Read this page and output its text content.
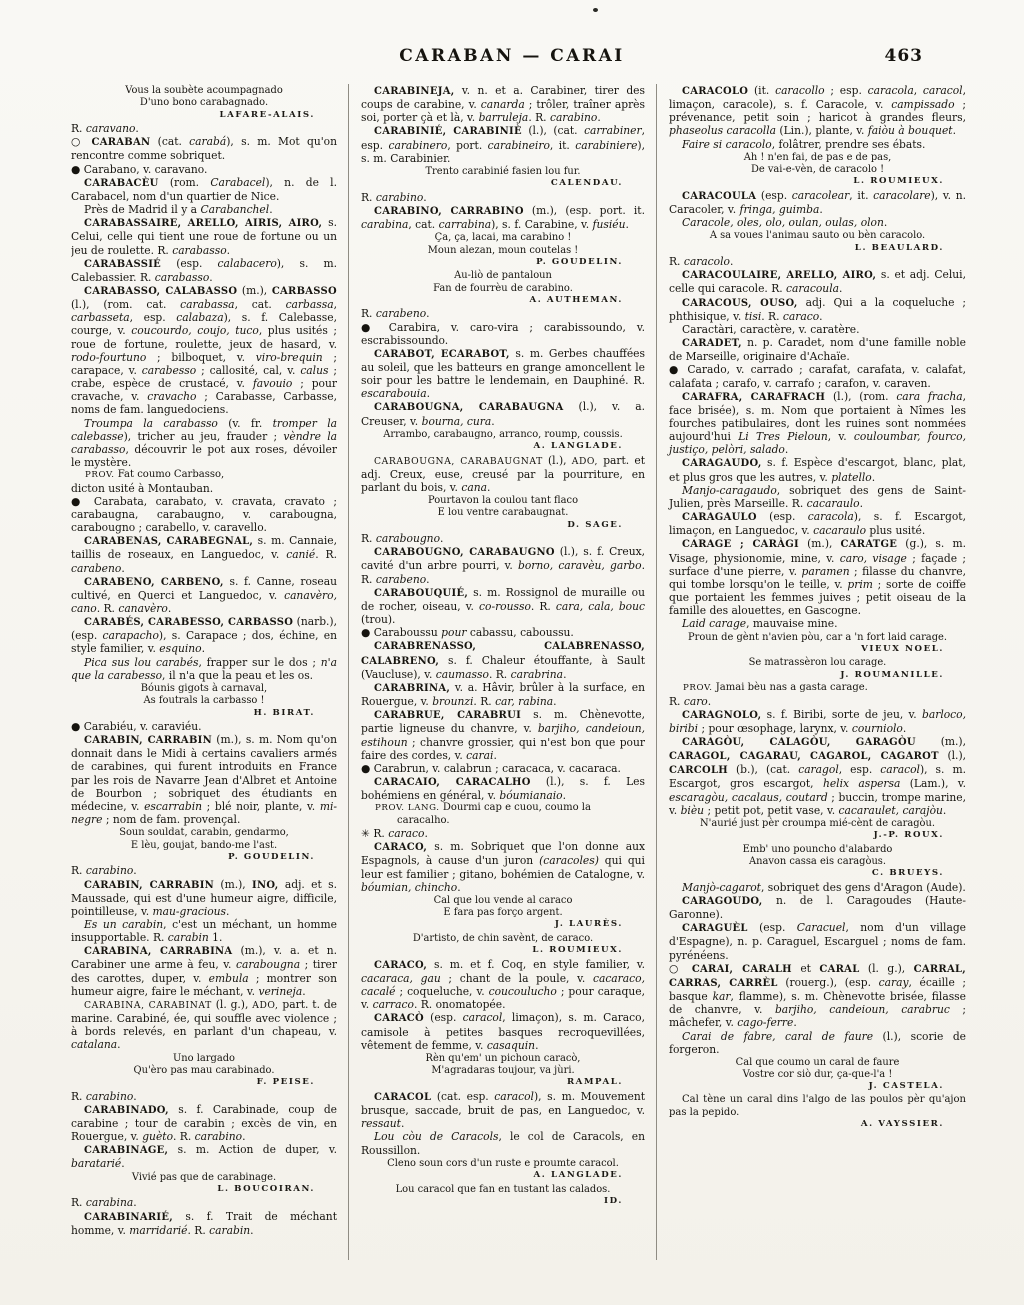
CARABAN — CARAI	463

Vous la soubète acoumpagnado
D'uno bono carabagnado.

LAFARE-ALAIS.

R. caravano.

○ CARABAN (cat. carabá), s. m. Mot qu'on rencontre comme sobriquet.

● Carabano, v. caravano.

CARABACÈU (rom. Carabacel), n. de l. Carabacel, nom d'un quartier de Nice.

Près de Madrid il y a Carabanchel.

CARABASSAIRE, ARELLO, AIRIS, AIRO, s. Celui, celle qui tient une roue de fortune ou un jeu de roulette. R. carabasso.

CARABASSIÉ (esp. calabacero), s. m. Calebassier. R. carabasso.

CARABASSO, CALABASSO (m.), CARBASSO (l.), (rom. cat. carabassa, cat. carbassa, carbasseta, esp. calabaza), s. f. Calebasse, courge, v. coucourdo, coujo, tuco, plus usités ; roue de fortune, roulette, jeux de hasard, v. rodo-fourtuno ; bilboquet, v. viro-brequin ; carapace, v. carabesso ; callosité, cal, v. calus ; crabe, espèce de crustacé, v. favouio ; pour cravache, v. cravacho ; Carabasse, Carbasse, noms de fam. languedociens.

Troumpa la carabasso (v. fr. tromper la calebasse), tricher au jeu, frauder ; vèndre la carabasso, découvrir le pot aux roses, dévoiler le mystère.

PROV. Fat coumo Carbasso,

dicton usité à Montauban.

● Carabata, carabato, v. cravata, cravato ; carabaugna, carabaugno, v. carabougna, carabougno ; carabello, v. caravello.

CARABENAS, CARABEGNAL, s. m. Cannaie, taillis de roseaux, en Languedoc, v. canié. R. carabeno.

CARABENO, CARBENO, s. f. Canne, roseau cultivé, en Querci et Languedoc, v. canavèro, cano. R. canavèro.

CARABÉS, CARABESSO, CARBASSO (narb.), (esp. carapacho), s. Carapace ; dos, échine, en style familier, v. esquino.

Pica sus lou carabés, frapper sur le dos ; n'a que la carabesso, il n'a que la peau et les os.

Bóunis gigots à carnaval,
As foutrals la carbasso !

H. BIRAT.

● Carabiéu, v. caraviéu.

CARABIN, CARRABIN (m.), s. m. Nom qu'on donnait dans le Midi à certains cavaliers armés de carabines, qui furent introduits en France par les rois de Navarre Jean d'Albret et Antoine de Bourbon ; sobriquet des étudiants en médecine, v. escarrabin ; blé noir, plante, v. mi-negre ; nom de fam. provençal.

Soun souldat, carabin, gendarmo,
E lèu, goujat, bando-me l'ast.

P. GOUDELIN.

R. carabino.

CARABIN, CARRABIN (m.), INO, adj. et s. Maussade, qui est d'une humeur aigre, difficile, pointilleuse, v. mau-gracious.

Es un carabin, c'est un méchant, un homme insupportable. R. carabin 1.

CARABINA, CARRABINA (m.), v. a. et n. Carabiner une arme à feu, v. carabougna ; tirer des carottes, duper, v. embula ; montrer son humeur aigre, faire le méchant, v. verineja.

CARABINA, CARABINAT (l. g.), ADO, part. t. de marine. Carabiné, ée, qui souffle avec violence ; à bords relevés, en parlant d'un chapeau, v. catalana.

Uno largado
Qu'èro pas mau carabinado.

F. PEISE.

R. carabino.

CARABINADO, s. f. Carabinade, coup de carabine ; tour de carabin ; excès de vin, en Rouergue, v. guèto. R. carabino.

CARABINAGE, s. m. Action de duper, v. baratarié.

Vivié pas que de carabinage.

L. BOUCOIRAN.

R. carabina.

CARABINARIÉ, s. f. Trait de méchant homme, v. marridarié. R. carabin.

CARABINEJA, v. n. et a. Carabiner, tirer des coups de carabine, v. canarda ; trôler, traîner après soi, porter çà et là, v. barruleja. R. carabino.

CARABINIÉ, CARABINIÈ (l.), (cat. carrabiner, esp. carabinero, port. carabineiro, it. carabiniere), s. m. Carabinier.

Trento carabinié fasien lou fur.

CALENDAU.

R. carabino.

CARABINO, CARRABINO (m.), (esp. port. it. carabina, cat. carrabina), s. f. Carabine, v. fusiéu.

Ça, ça, lacai, ma carabino !
Moun alezan, moun coutelas !

P. GOUDELIN.

Au-liò de pantaloun
Fan de fourrèu de carabino.

A. AUTHEMAN.

R. carabeno.

● Carabira, v. caro-vira ; carabissoundo, v. escrabissoundo.

CARABOT, ECARABOT, s. m. Gerbes chauffées au soleil, que les batteurs en grange amoncellent le soir pour les battre le lendemain, en Dauphiné. R. escarabouia.

CARABOUGNA, CARABAUGNA (l.), v. a. Creuser, v. bourna, cura.

Arrambo, carabaugno, arranco, roump, coussis.

A. LANGLADE.

CARABOUGNA, CARABAUGNAT (l.), ADO, part. et adj. Creux, euse, creusé par la pourriture, en parlant du bois, v. cana.

Pourtavon la coulou tant flaco
E lou ventre carabaugnat.

D. SAGE.

R. carabougno.

CARABOUGNO, CARABAUGNO (l.), s. f. Creux, cavité d'un arbre pourri, v. borno, caravèu, garbo. R. carabeno.

CARABOUQUIÉ, s. m. Rossignol de muraille ou de rocher, oiseau, v. co-rousso. R. cara, cala, bouc (trou).

● Caraboussu pour cabassu, caboussu.

CARABRENASSO, CALABRENASSO, CALABRENO, s. f. Chaleur étouffante, à Sault (Vaucluse), v. caumasso. R. carabrina.

CARABRINA, v. a. Hâvir, brûler à la surface, en Rouergue, v. brounzi. R. car, rabina.

CARABRUE, CARABRUI s. m. Chènevotte, partie ligneuse du chanvre, v. barjiho, candeioun, estihoun ; chanvre grossier, qui n'est bon que pour faire des cordes, v. carai.

● Carabrun, v. calabrun ; caracaca, v. cacaraca.

CARACAIO, CARACALHO (l.), s. f. Les bohémiens en général, v. bóumianaio.

PROV. LANG. Dourmi cap e cuou, coumo la caracalho.

✳ R. caraco.

CARACO, s. m. Sobriquet que l'on donne aux Espagnols, à cause d'un juron (caracoles) qui qui leur est familier ; gitano, bohémien de Catalogne, v. bóumian, chincho.

Cal que lou vende al caraco
E fara pas forço argent.

J. LAURÈS.

D'artisto, de chin savènt, de caraco.

L. ROUMIEUX.

CARACO, s. m. et f. Coq, en style familier, v. cacaraca, gau ; chant de la poule, v. cacaraco, cacalé ; coqueluche, v. coucoulucho ; pour caraque, v. carraco. R. onomatopée.

CARACÒ (esp. caracol, limaçon), s. m. Caraco, camisole à petites basques recroquevillées, vêtement de femme, v. casaquin.

Rèn qu'em' un pichoun caracò,
M'agradaras toujour, va jùri.

RAMPAL.

CARACOL (cat. esp. caracol), s. m. Mouvement brusque, saccade, bruit de pas, en Languedoc, v. ressaut.

Lou còu de Caracols, le col de Caracols, en Roussillon.

Cleno soun cors d'un ruste e proumte caracol.

A. LANGLADE.

Lou caracol que fan en tustant las calados.

ID.

CARACOLO (it. caracollo ; esp. caracola, caracol, limaçon, caracole), s. f. Caracole, v. campissado ; prévenance, petit soin ; haricot à grandes fleurs, phaseolus caracolla (Lin.), plante, v. faiòu à bouquet.

Faire si caracolo, folâtrer, prendre ses ébats.

Ah ! n'en fai, de pas e de pas,
De vai-e-vèn, de caracolo !

L. ROUMIEUX.

CARACOULA (esp. caracolear, it. caracolare), v. n. Caracoler, v. fringa, guimba.

Caracole, oles, olo, oulan, oulas, olon.

A sa voues l'animau sauto ou bèn caracolo.

L. BEAULARD.

R. caracolo.

CARACOULAIRE, ARELLO, AIRO, s. et adj. Celui, celle qui caracole. R. caracoula.

CARACOUS, OUSO, adj. Qui a la coqueluche ; phthisique, v. tisi. R. caraco.

Caractàri, caractère, v. caratère.

CARADET, n. p. Caradet, nom d'une famille noble de Marseille, originaire d'Achaïe.

● Carado, v. carrado ; carafat, carafata, v. calafat, calafata ; carafo, v. carrafo ; carafon, v. caraven.

CARAFRA, CARAFRACH (l.), (rom. cara fracha, face brisée), s. m. Nom que portaient à Nîmes les fourches patibulaires, dont les ruines sont nommées aujourd'hui Li Tres Pieloun, v. couloumbar, fourco, justiço, pelòri, salado.

CARAGAUDO, s. f. Espèce d'escargot, blanc, plat, et plus gros que les autres, v. platello.

Manjo-caragaudo, sobriquet des gens de Saint-Julien, près Marseille. R. cacaraulo.

CARAGAULO (esp. caracola), s. f. Escargot, limaçon, en Languedoc, v. cacaraulo plus usité.

CARAGE ; CARÀGI (m.), CARATGE (g.), s. m. Visage, physionomie, mine, v. caro, visage ; façade ; surface d'une pierre, v. paramen ; filasse du chanvre, qui tombe lorsqu'on le teille, v. prim ; sorte de coiffe que portaient les femmes juives ; petit oiseau de la famille des alouettes, en Gascogne.

Laid carage, mauvaise mine.

Proun de gènt n'avien pòu, car a 'n fort laid carage.

VIEUX NOEL.

Se matrassèron lou carage.

J. ROUMANILLE.

PROV. Jamai bèu nas a gasta carage.

R. caro.

CARAGNOLO, s. f. Biribi, sorte de jeu, v. barloco, biribi ; pour œsophage, larynx, v. courniolo.

CARAGÒU, CALAGÒU, GARAGÒU (m.), CARAGOL, CAGARAU, CAGAROL, CAGAROT (l.), CARCOLH (b.), (cat. caragol, esp. caracol), s. m. Escargot, gros escargot, helix aspersa (Lam.), v. escaragòu, cacalaus, coutard ; buccin, trompe marine, v. bièu ; petit pot, petit vase, v. cacaraulet, carajòu.

N'aurié just pèr croumpa mié-cènt de caragòu.

J.-P. ROUX.

Emb' uno pouncho d'alabardo
Anavon cassa eis caragòus.

C. BRUEYS.

Manjò-cagarot, sobriquet des gens d'Aragon (Aude).

CARAGOUDO, n. de l. Caragoudes (Haute-Garonne).

CARAGUÈL (esp. Caracuel, nom d'un village d'Espagne), n. p. Caraguel, Escarguel ; noms de fam. pyrénéens.

○ CARAI, CARALH et CARAL (l. g.), CARRAL, CARRAS, CARRÈL (rouerg.), (esp. caray, écaille ; basque kar, flamme), s. m. Chènevotte brisée, filasse de chanvre, v. barjiho, candeioun, carabruc ; mâchefer, v. cago-ferre.

Carai de fabre, caral de faure (l.), scorie de forgeron.

Cal que coumo un caral de faure
Vostre cor siò dur, ça-que-l'a !

J. CASTELA.

Cal tène un caral dins l'algo de las poulos pèr qu'ajon pas la pepido.

A. VAYSSIER.
